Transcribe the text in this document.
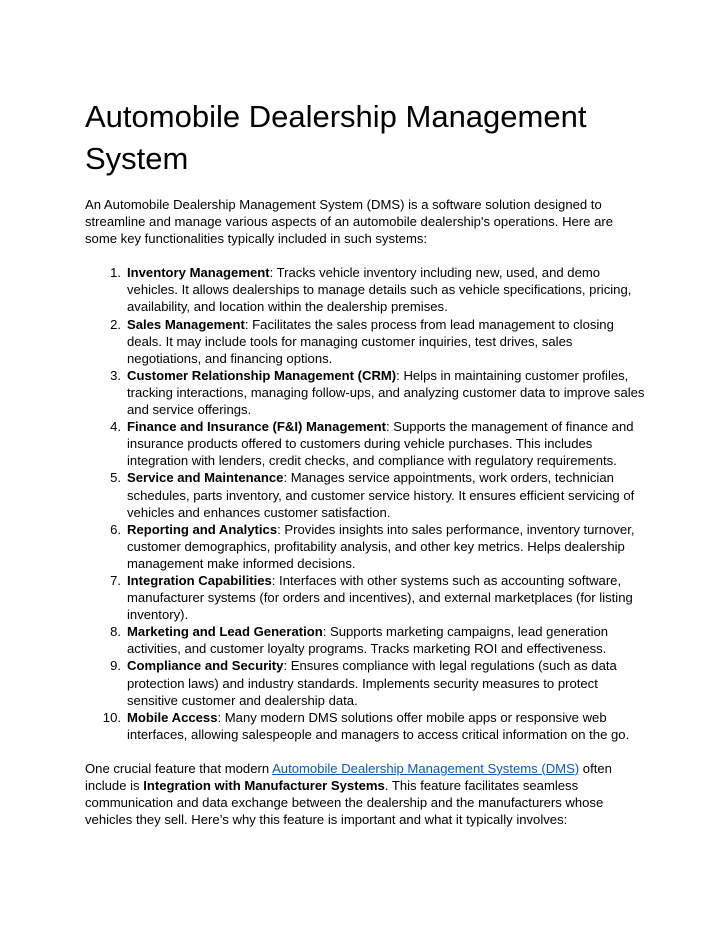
Automobile Dealership Management System

An Automobile Dealership Management System (DMS) is a software solution designed to streamline and manage various aspects of an automobile dealership's operations. Here are some key functionalities typically included in such systems:

1. Inventory Management: Tracks vehicle inventory including new, used, and demo vehicles. It allows dealerships to manage details such as vehicle specifications, pricing, availability, and location within the dealership premises.
2. Sales Management: Facilitates the sales process from lead management to closing deals. It may include tools for managing customer inquiries, test drives, sales negotiations, and financing options.
3. Customer Relationship Management (CRM): Helps in maintaining customer profiles, tracking interactions, managing follow-ups, and analyzing customer data to improve sales and service offerings.
4. Finance and Insurance (F&I) Management: Supports the management of finance and insurance products offered to customers during vehicle purchases. This includes integration with lenders, credit checks, and compliance with regulatory requirements.
5. Service and Maintenance: Manages service appointments, work orders, technician schedules, parts inventory, and customer service history. It ensures efficient servicing of vehicles and enhances customer satisfaction.
6. Reporting and Analytics: Provides insights into sales performance, inventory turnover, customer demographics, profitability analysis, and other key metrics. Helps dealership management make informed decisions.
7. Integration Capabilities: Interfaces with other systems such as accounting software, manufacturer systems (for orders and incentives), and external marketplaces (for listing inventory).
8. Marketing and Lead Generation: Supports marketing campaigns, lead generation activities, and customer loyalty programs. Tracks marketing ROI and effectiveness.
9. Compliance and Security: Ensures compliance with legal regulations (such as data protection laws) and industry standards. Implements security measures to protect sensitive customer and dealership data.
10. Mobile Access: Many modern DMS solutions offer mobile apps or responsive web interfaces, allowing salespeople and managers to access critical information on the go.

One crucial feature that modern Automobile Dealership Management Systems (DMS) often include is Integration with Manufacturer Systems. This feature facilitates seamless communication and data exchange between the dealership and the manufacturers whose vehicles they sell. Here’s why this feature is important and what it typically involves:
